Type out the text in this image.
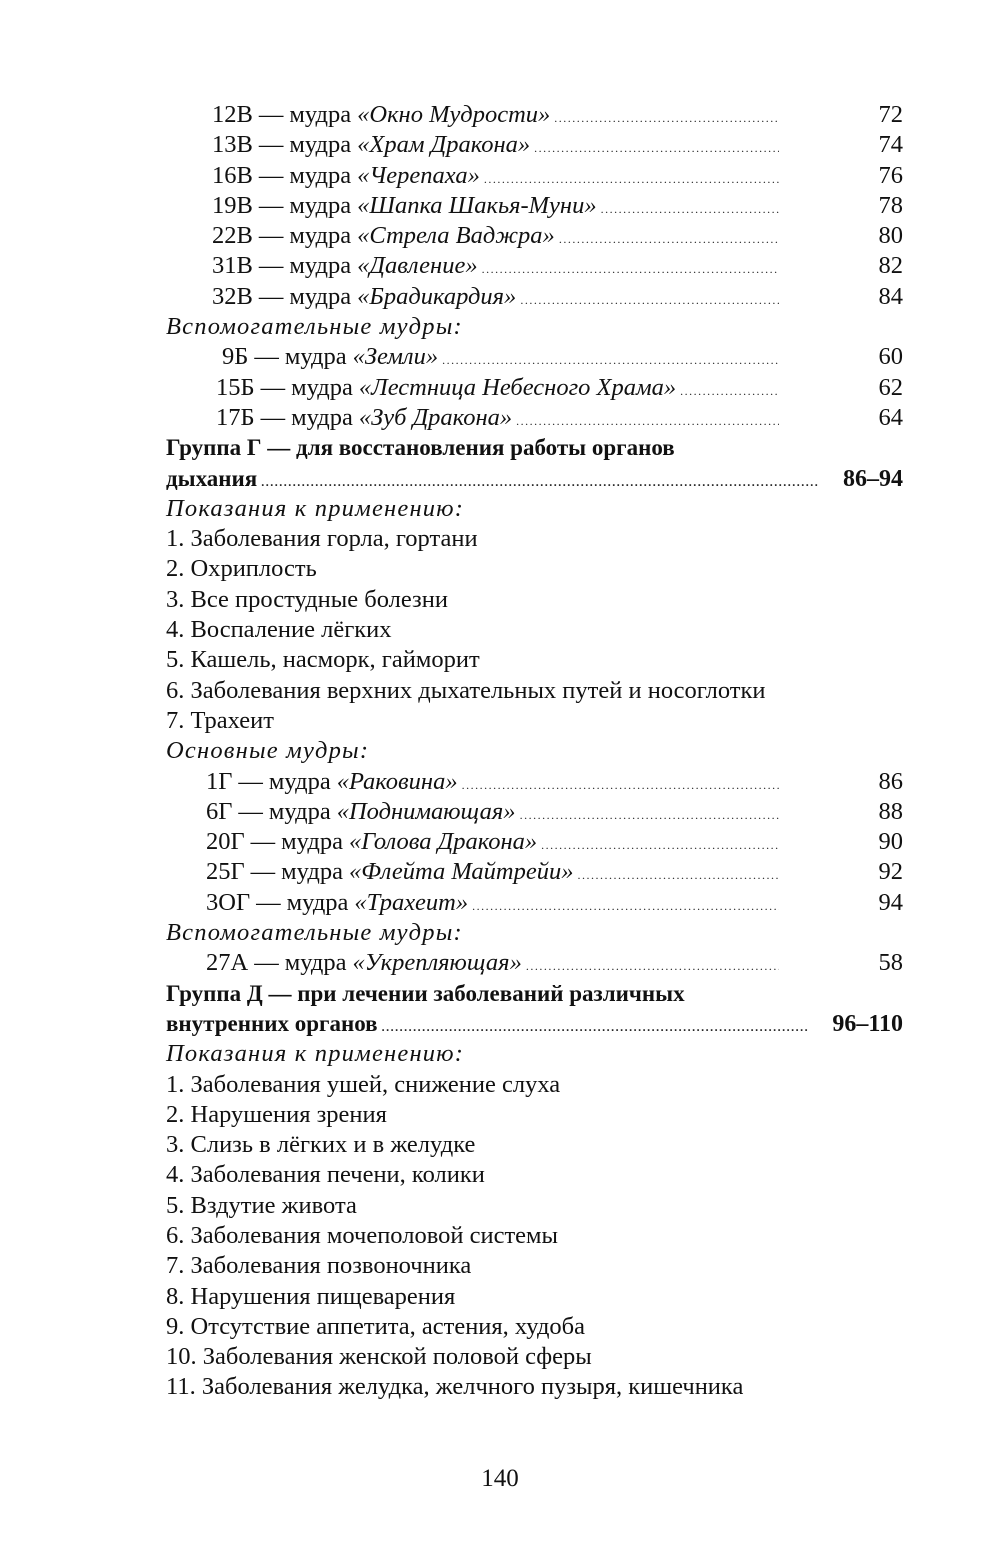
12В — мудра «Окно Мудрости» .....	72
13В — мудра «Храм Дракона» .....	74
16В — мудра «Черепаха» .....	76
19В — мудра «Шапка Шакья-Муни» .....	78
22В — мудра «Стрела Ваджра» .....	80
31В — мудра «Давление» .....	82
32В — мудра «Брадикардия» .....	84
Вспомогательные мудры:
9Б — мудра «Земли» .....	60
15Б — мудра «Лестница Небесного Храма» .....	62
17Б — мудра «Зуб Дракона» .....	64
Группа Г — для восстановления работы органов
дыхания .....	86–94
Показания к применению:
1. Заболевания горла, гортани
2. Охриплость
3. Все простудные болезни
4. Воспаление лёгких
5. Кашель, насморк, гайморит
6. Заболевания верхних дыхательных путей и носоглотки
7. Трахеит
Основные мудры:
1Г — мудра «Раковина» .....	86
6Г — мудра «Поднимающая» .....	88
20Г — мудра «Голова Дракона» .....	90
25Г — мудра «Флейта Майтрейи» .....	92
3ОГ — мудра «Трахеит» .....	94
Вспомогательные мудры:
27А — мудра «Укрепляющая» .....	58
Группа Д — при лечении заболеваний различных
внутренних органов .....	96–110
Показания к применению:
1. Заболевания ушей, снижение слуха
2. Нарушения зрения
3. Слизь в лёгких и в желудке
4. Заболевания печени, колики
5. Вздутие живота
6. Заболевания мочеполовой системы
7. Заболевания позвоночника
8. Нарушения пищеварения
9. Отсутствие аппетита, астения, худоба
10. Заболевания женской половой сферы
11. Заболевания желудка, желчного пузыря, кишечника
140
